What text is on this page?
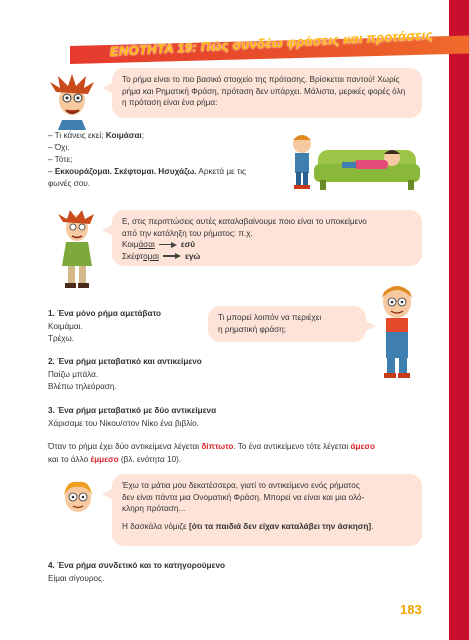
ΕΝΟΤΗΤΑ 19: Πώς συνδέω φράσεις και προτάσεις
Το ρήμα είναι το πιο βασικό στοιχείο της πρότασης. Βρίσκεται παντού! Χωρίς ρήμα και Ρηματική Φράση, πρόταση δεν υπάρχει. Μάλιστα, μερικές φορές όλη η πρόταση είναι ένα ρήμα:
– Τι κάνεις εκεί; Κοιμάσαι;
– Όχι.
– Τότε;
– Εκκουράζομαι. Σκέφτομαι. Ησυχάζω. Αρκετά με τις
φωνές σου.
Ε, στις περιπτώσεις αυτές καταλαβαίνουμε ποιο είναι το υποκείμενο
από την κατάληξη του ρήματος: π.χ.
Κοιμάσαι	εσύ
Σκέφτομαι	εγώ
1. Ένα μόνο ρήμα αμετάβατο
Κοιμάμαι.
Τρέχω.
Τι μπορεί λοιπόν να περιέχει
η ρηματική φράση;
2. Ένα ρήμα μεταβατικό και αντικείμενο
Παίζω μπάλα.
Βλέπω τηλεόραση.
3. Ένα ρήμα μεταβατικό με δύο αντικείμενα
Χάρισαμε του Νίκου/στον Νίκο ένα βιβλίο.
Όταν το ρήμα έχει δύο αντικείμενα λέγεται δίπτωτο. Το ένα αντικείμενο τότε λέγεται άμεσο
και το άλλο έμμεσο (βλ. ενότητα 10).
Έχω τα μάτια μου δεκατέσσερα, γιατί το αντικείμενο ενός ρήματος
δεν είναι πάντα μια Ονοματική Φράση. Μπορεί να είναι και μια ολό-
κληρη πρόταση...
Η δασκάλα νόμιζε [ότι τα παιδιά δεν είχαν καταλάβει την άσκηση].
4. Ένα ρήμα συνδετικό και το κατηγορούμενο
Είμαι σίγουρος.
183
